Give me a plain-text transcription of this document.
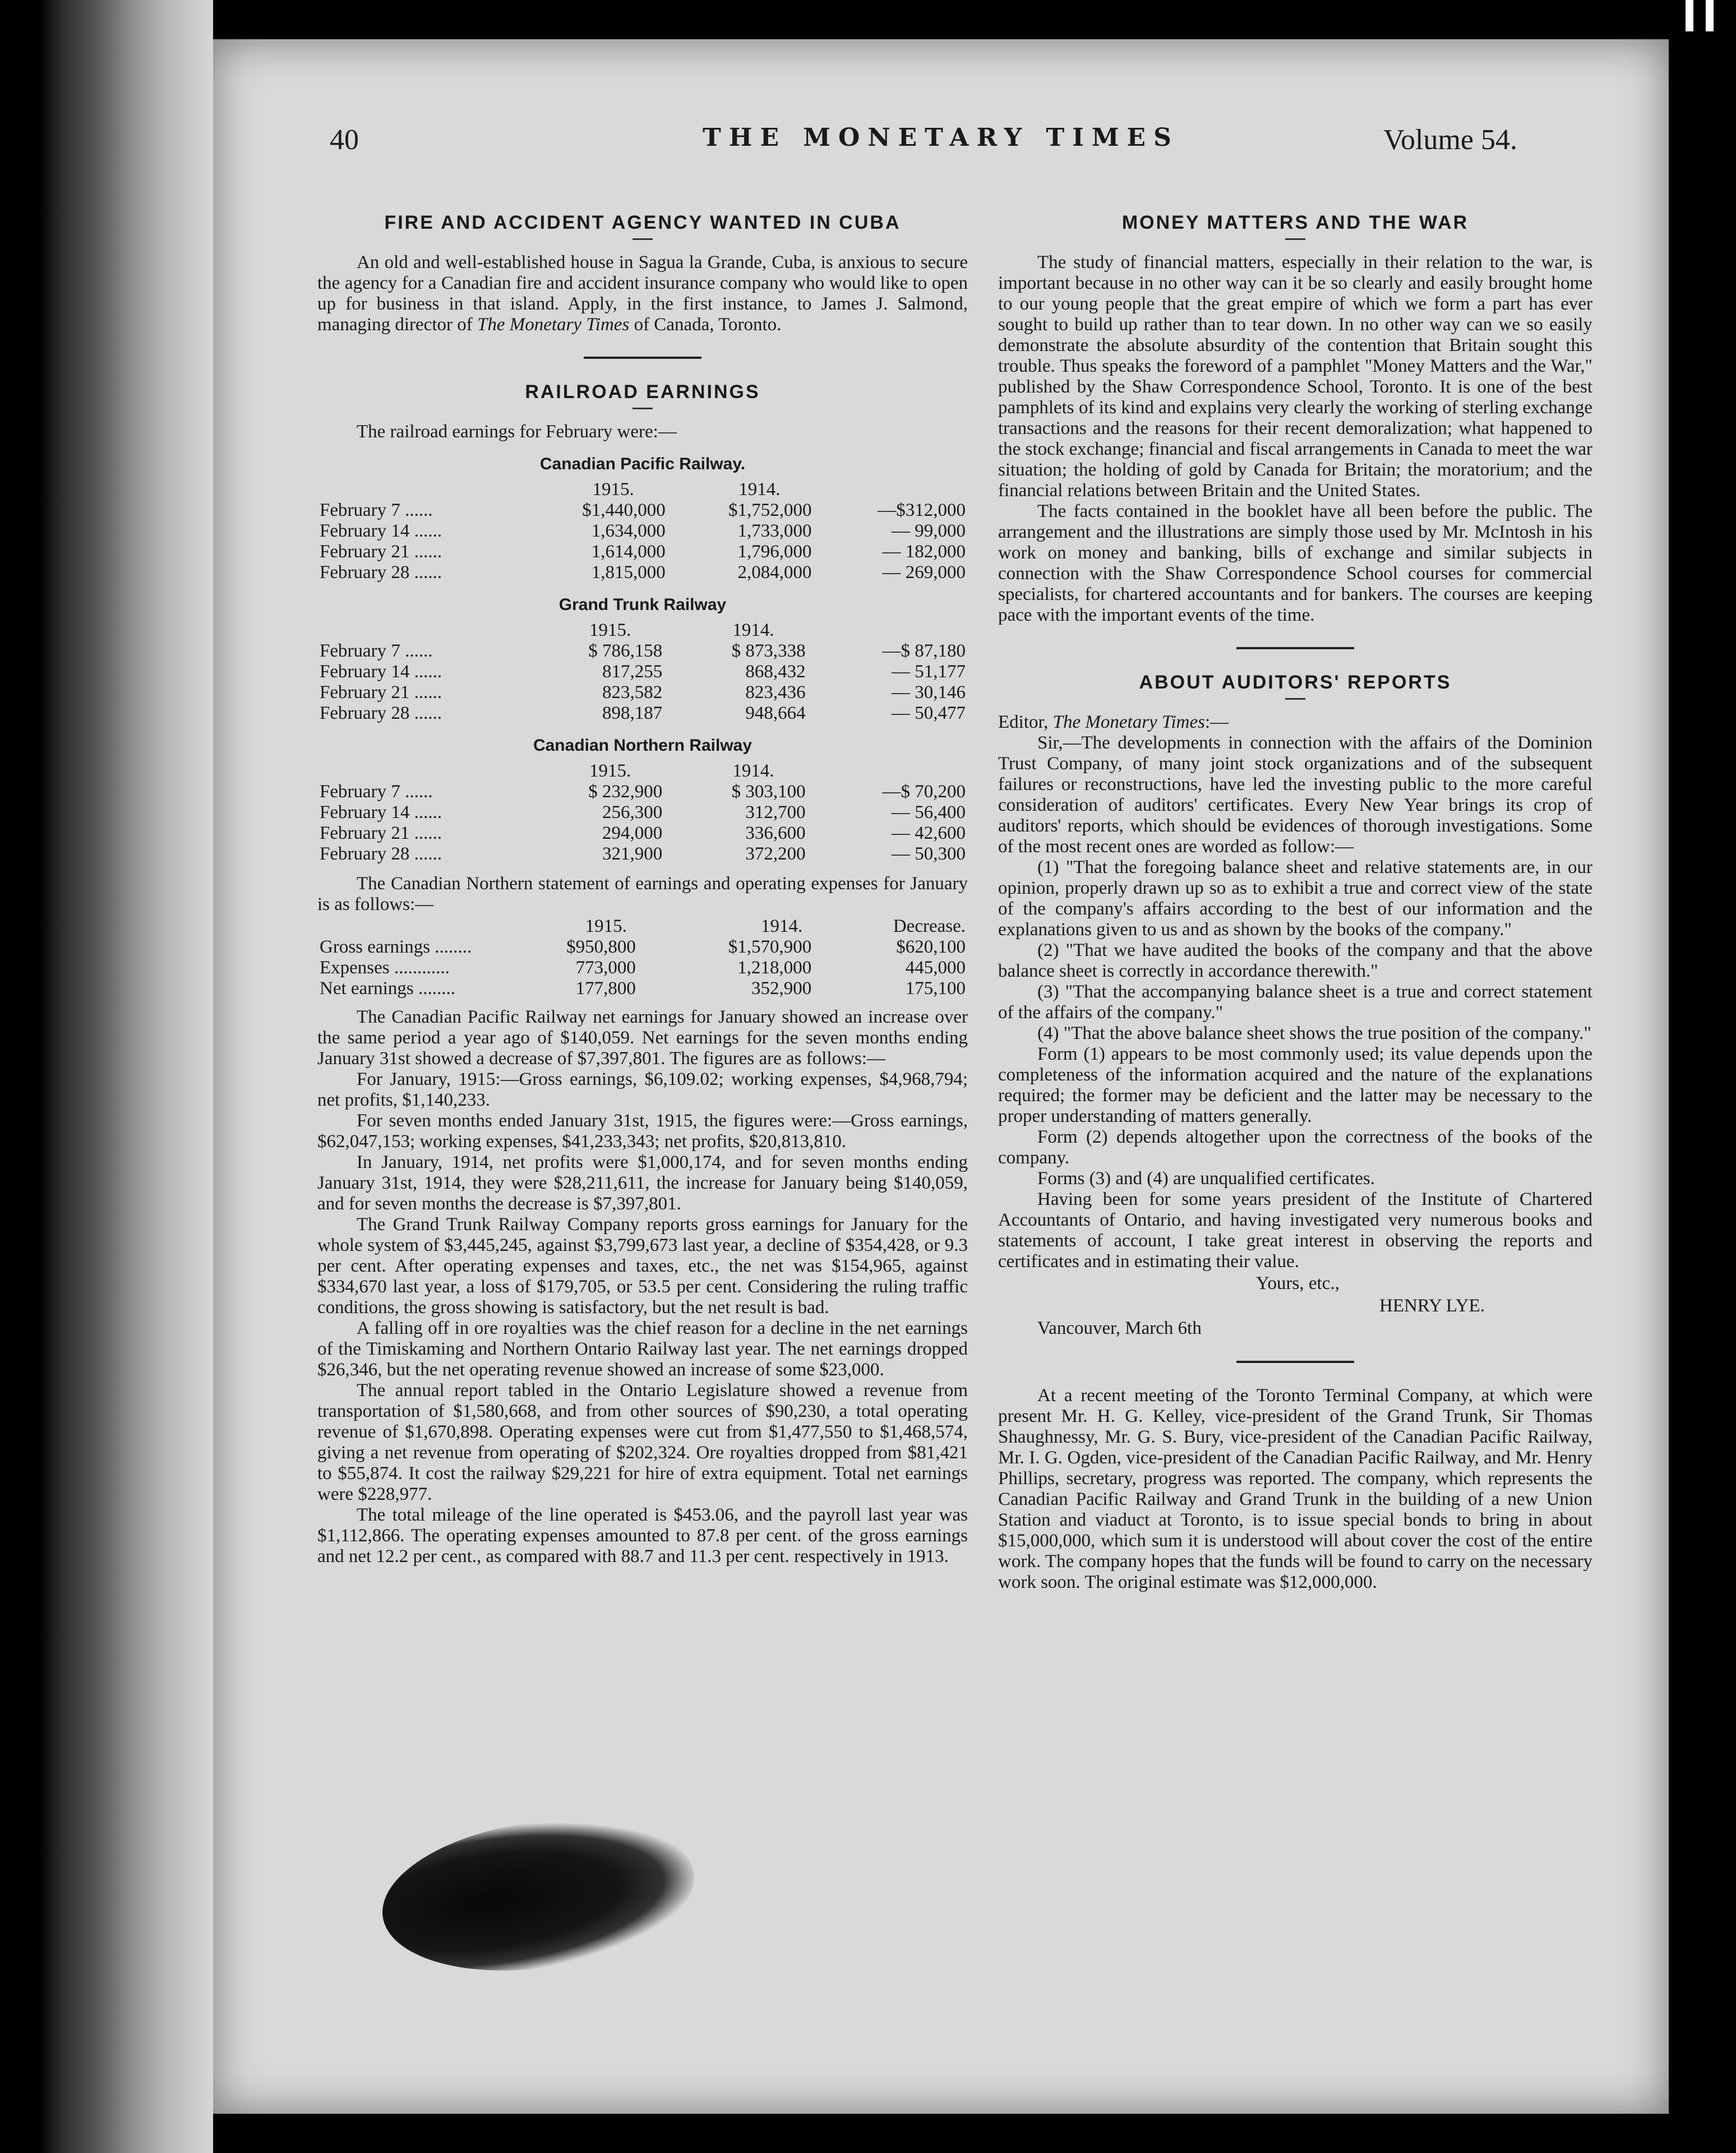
40	THE MONETARY TIMES	Volume 54.
FIRE AND ACCIDENT AGENCY WANTED IN CUBA

An old and well-established house in Sagua la Grande, Cuba, is anxious to secure the agency for a Canadian fire and accident insurance company who would like to open up for business in that island. Apply, in the first instance, to James J. Salmond, managing director of The Monetary Times of Canada, Toronto.

RAILROAD EARNINGS

The railroad earnings for February were:—

Canadian Pacific Railway.
	1915.	1914.	
February 7 ......	$1,440,000	$1,752,000	—$312,000
February 14 ......	1,634,000	1,733,000	— 99,000
February 21 ......	1,614,000	1,796,000	— 182,000
February 28 ......	1,815,000	2,084,000	— 269,000
Grand Trunk Railway
	1915.	1914.	
February 7 ......	$ 786,158	$ 873,338	—$ 87,180
February 14 ......	817,255	868,432	— 51,177
February 21 ......	823,582	823,436	— 30,146
February 28 ......	898,187	948,664	— 50,477
Canadian Northern Railway
	1915.	1914.	
February 7 ......	$ 232,900	$ 303,100	—$ 70,200
February 14 ......	256,300	312,700	— 56,400
February 21 ......	294,000	336,600	— 42,600
February 28 ......	321,900	372,200	— 50,300

The Canadian Northern statement of earnings and operating expenses for January is as follows:—

	1915.	1914.	Decrease.
Gross earnings ........	$950,800	$1,570,900	$620,100
Expenses ............	773,000	1,218,000	445,000
Net earnings ........	177,800	352,900	175,100

The Canadian Pacific Railway net earnings for January showed an increase over the same period a year ago of $140,059. Net earnings for the seven months ending January 31st showed a decrease of $7,397,801. The figures are as follows:—

For January, 1915:—Gross earnings, $6,109.02; working expenses, $4,968,794; net profits, $1,140,233.

For seven months ended January 31st, 1915, the figures were:—Gross earnings, $62,047,153; working expenses, $41,233,343; net profits, $20,813,810.

In January, 1914, net profits were $1,000,174, and for seven months ending January 31st, 1914, they were $28,211,611, the increase for January being $140,059, and for seven months the decrease is $7,397,801.

The Grand Trunk Railway Company reports gross earnings for January for the whole system of $3,445,245, against $3,799,673 last year, a decline of $354,428, or 9.3 per cent. After operating expenses and taxes, etc., the net was $154,965, against $334,670 last year, a loss of $179,705, or 53.5 per cent. Considering the ruling traffic conditions, the gross showing is satisfactory, but the net result is bad.

A falling off in ore royalties was the chief reason for a decline in the net earnings of the Timiskaming and Northern Ontario Railway last year. The net earnings dropped $26,346, but the net operating revenue showed an increase of some $23,000.

The annual report tabled in the Ontario Legislature showed a revenue from transportation of $1,580,668, and from other sources of $90,230, a total operating revenue of $1,670,898. Operating expenses were cut from $1,477,550 to $1,468,574, giving a net revenue from operating of $202,324. Ore royalties dropped from $81,421 to $55,874. It cost the railway $29,221 for hire of extra equipment. Total net earnings were $228,977.

The total mileage of the line operated is $453.06, and the payroll last year was $1,112,866. The operating expenses amounted to 87.8 per cent. of the gross earnings and net 12.2 per cent., as compared with 88.7 and 11.3 per cent. respectively in 1913.

MONEY MATTERS AND THE WAR

The study of financial matters, especially in their relation to the war, is important because in no other way can it be so clearly and easily brought home to our young people that the great empire of which we form a part has ever sought to build up rather than to tear down. In no other way can we so easily demonstrate the absolute absurdity of the contention that Britain sought this trouble. Thus speaks the foreword of a pamphlet "Money Matters and the War," published by the Shaw Correspondence School, Toronto. It is one of the best pamphlets of its kind and explains very clearly the working of sterling exchange transactions and the reasons for their recent demoralization; what happened to the stock exchange; financial and fiscal arrangements in Canada to meet the war situation; the holding of gold by Canada for Britain; the moratorium; and the financial relations between Britain and the United States.

The facts contained in the booklet have all been before the public. The arrangement and the illustrations are simply those used by Mr. McIntosh in his work on money and banking, bills of exchange and similar subjects in connection with the Shaw Correspondence School courses for commercial specialists, for chartered accountants and for bankers. The courses are keeping pace with the important events of the time.

ABOUT AUDITORS' REPORTS

Editor, The Monetary Times:—

Sir,—The developments in connection with the affairs of the Dominion Trust Company, of many joint stock organizations and of the subsequent failures or reconstructions, have led the investing public to the more careful consideration of auditors' certificates. Every New Year brings its crop of auditors' reports, which should be evidences of thorough investigations. Some of the most recent ones are worded as follow:—

(1) "That the foregoing balance sheet and relative statements are, in our opinion, properly drawn up so as to exhibit a true and correct view of the state of the company's affairs according to the best of our information and the explanations given to us and as shown by the books of the company."

(2) "That we have audited the books of the company and that the above balance sheet is correctly in accordance therewith."

(3) "That the accompanying balance sheet is a true and correct statement of the affairs of the company."

(4) "That the above balance sheet shows the true position of the company."

Form (1) appears to be most commonly used; its value depends upon the completeness of the information acquired and the nature of the explanations required; the former may be deficient and the latter may be necessary to the proper understanding of matters generally.

Form (2) depends altogether upon the correctness of the books of the company.

Forms (3) and (4) are unqualified certificates.

Having been for some years president of the Institute of Chartered Accountants of Ontario, and having investigated very numerous books and statements of account, I take great interest in observing the reports and certificates and in estimating their value.

Yours, etc.,
HENRY LYE.
Vancouver, March 6th

At a recent meeting of the Toronto Terminal Company, at which were present Mr. H. G. Kelley, vice-president of the Grand Trunk, Sir Thomas Shaughnessy, Mr. G. S. Bury, vice-president of the Canadian Pacific Railway, Mr. I. G. Ogden, vice-president of the Canadian Pacific Railway, and Mr. Henry Phillips, secretary, progress was reported. The company, which represents the Canadian Pacific Railway and Grand Trunk in the building of a new Union Station and viaduct at Toronto, is to issue special bonds to bring in about $15,000,000, which sum it is understood will about cover the cost of the entire work. The company hopes that the funds will be found to carry on the necessary work soon. The original estimate was $12,000,000.
